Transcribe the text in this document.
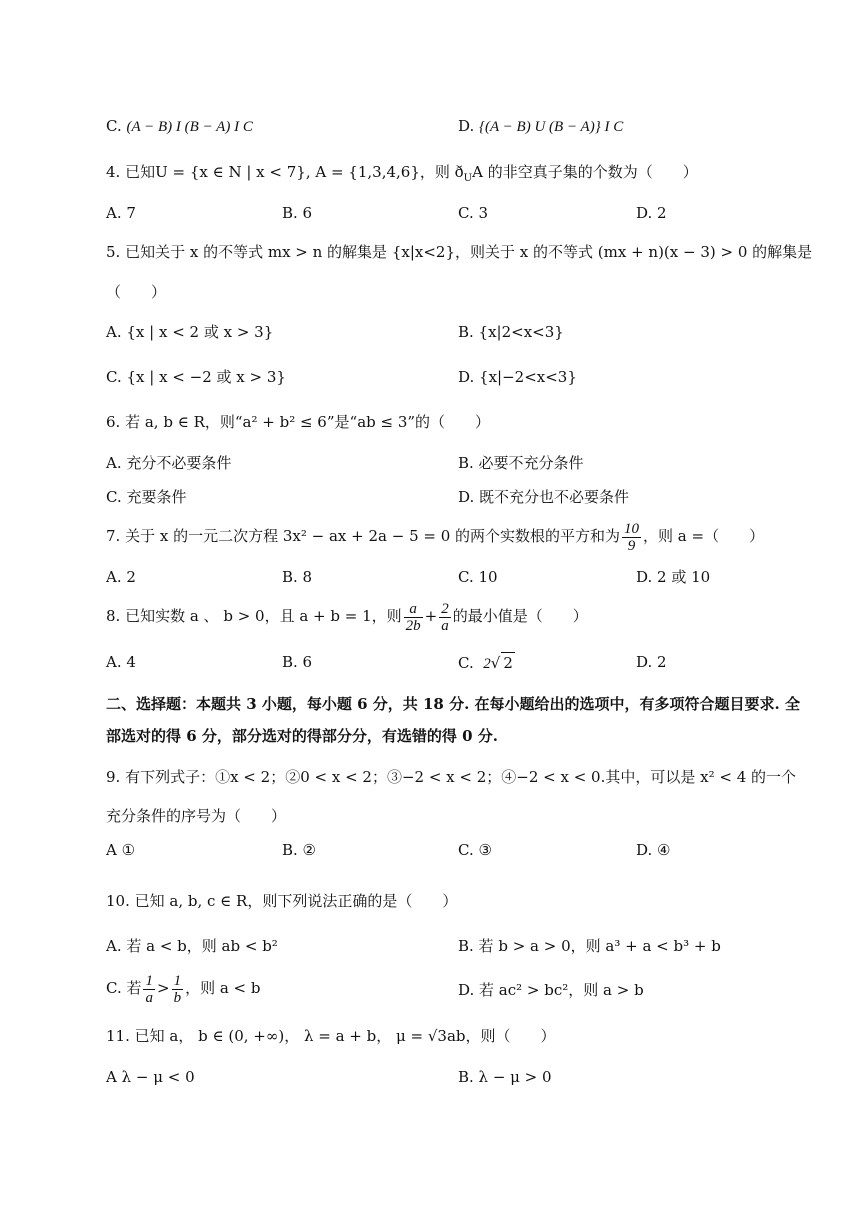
C. (A − B) I (B − A) I C	D. {(A − B) U (B − A)} I C
4. 已知U = {x ∈ N | x < 7}, A = {1,3,4,6}，则 $ð_UA$ 的非空真子集的个数为（　　）
A. 7	B. 6	C. 3	D. 2
5. 已知关于 x 的不等式 mx > n 的解集是 {x|x<2}，则关于 x 的不等式 (mx + n)(x − 3) > 0 的解集是
（　　）
A. {x | x < 2 或 x > 3}	B. {x|2<x<3}
C. {x | x < −2 或 x > 3}	D. {x|−2<x<3}
6. 若 a, b ∈ R，则“a² + b² ≤ 6”是“ab ≤ 3”的（　　）
A. 充分不必要条件	B. 必要不充分条件
C. 充要条件	D. 既不充分也不必要条件
7. 关于 x 的一元二次方程 3x² − ax + 2a − 5 = 0 的两个实数根的平方和为 $\frac{10}{9}$ ，则 a =（　　）
A. 2	B. 8	C. 10	D. 2 或 10
8. 已知实数 a 、 b > 0，且 a + b = 1，则 $\frac{a}{2b} + \frac{2}{a}$ 的最小值是（　　）
A. 4	B. 6	C. 2√ 2	D. 2
二、选择题：本题共 3 小题，每小题 6 分，共 18 分. 在每小题给出的选项中，有多项符合题目要求. 全
部选对的得 6 分，部分选对的得部分分，有选错的得 0 分.
9. 有下列式子：①x < 2；②0 < x < 2；③−2 < x < 2；④−2 < x < 0.其中，可以是 x² < 4 的一个
充分条件的序号为（　　）
A ①	B. ②	C. ③	D. ④
10. 已知 a, b, c ∈ R，则下列说法正确的是（　　）
A. 若 a < b，则 ab < b²	B. 若 b > a > 0，则 a³ + a < b³ + b
C. 若 $\frac{1}{a} > \frac{1}{b}$ ，则 a < b	D. 若 ac² > bc²，则 a > b
11. 已知 a， b ∈ (0, +∞)， λ = a + b， μ = √3ab，则（　　）
A λ − μ < 0	B. λ − μ > 0
